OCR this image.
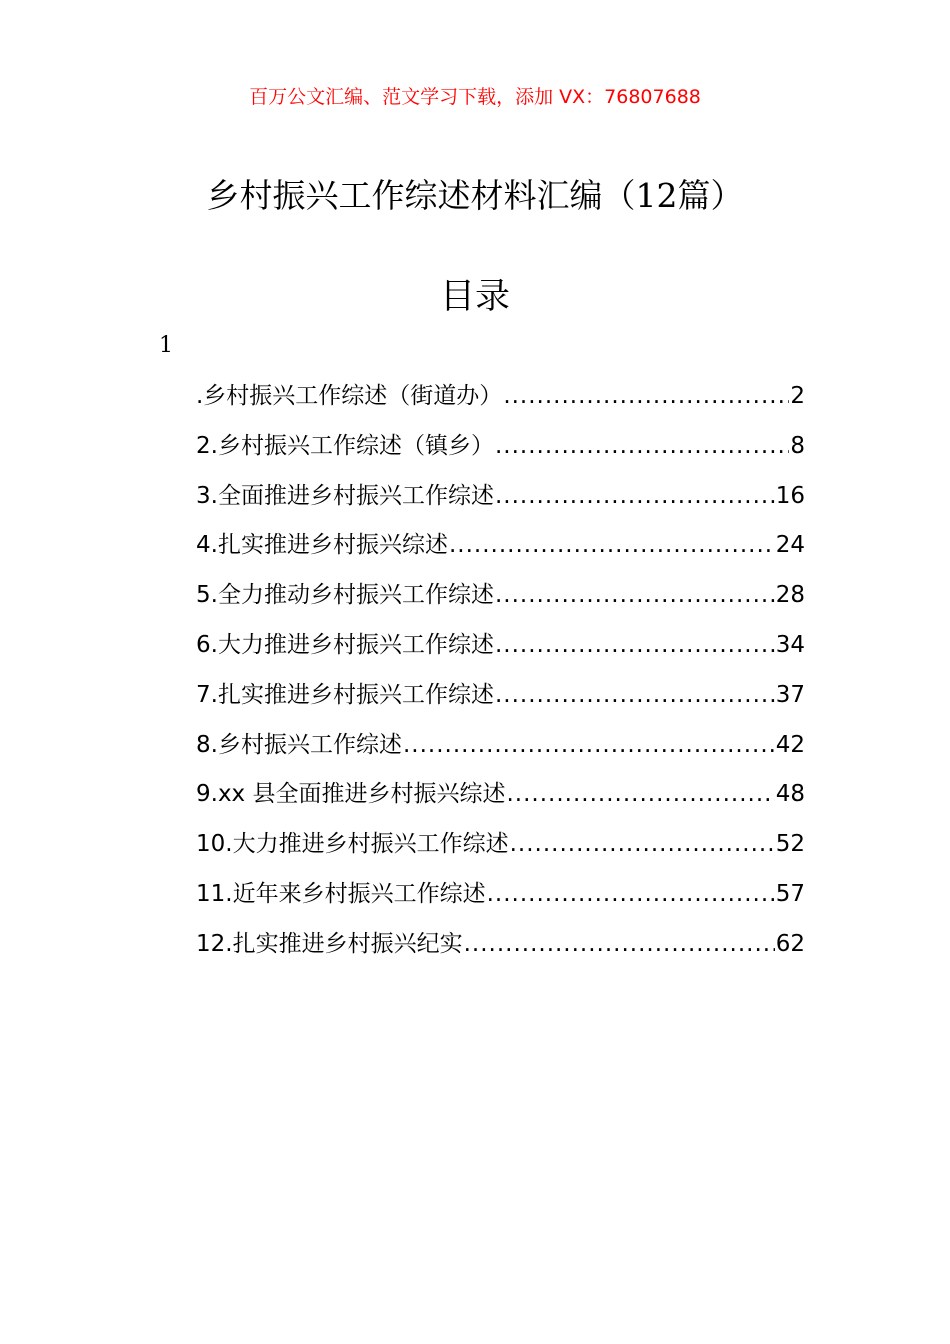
百万公文汇编、范文学习下载，添加 VX：76807688
乡村振兴工作综述材料汇编（12篇）
目录
1
.乡村振兴工作综述（街道办） .....	2
2.乡村振兴工作综述（镇乡） .....	8
3.全面推进乡村振兴工作综述 .....	16
4.扎实推进乡村振兴综述 .....	24
5.全力推动乡村振兴工作综述 .....	28
6.大力推进乡村振兴工作综述 .....	34
7.扎实推进乡村振兴工作综述 .....	37
8.乡村振兴工作综述 .....	42
9.xx 县全面推进乡村振兴综述 .....	48
10.大力推进乡村振兴工作综述 .....	52
11.近年来乡村振兴工作综述 .....	57
12.扎实推进乡村振兴纪实 .....	62
